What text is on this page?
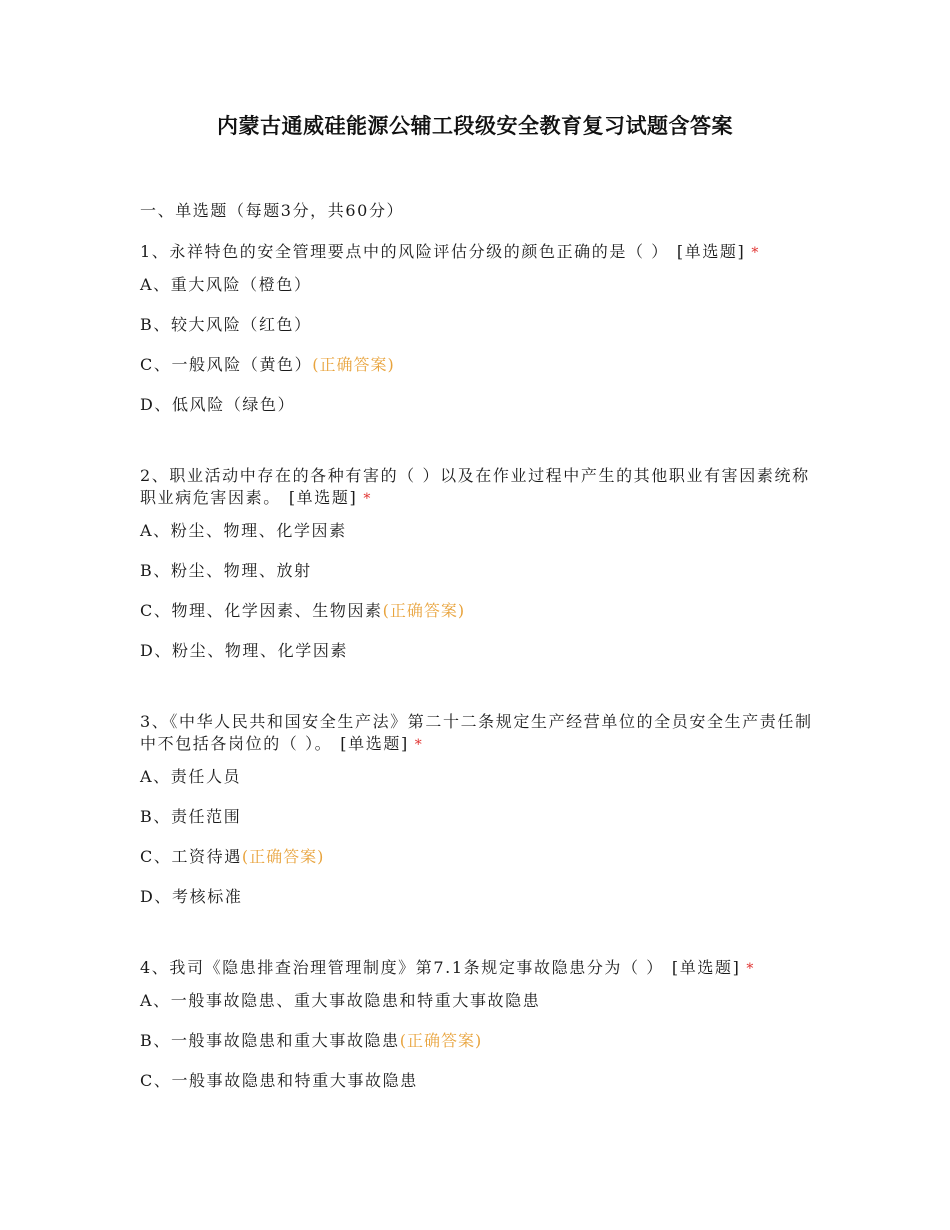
内蒙古通威硅能源公辅工段级安全教育复习试题含答案

一、单选题（每题3分，共60分）

1、永祥特色的安全管理要点中的风险评估分级的颜色正确的是（ ） [单选题] *

A、重大风险（橙色）
B、较大风险（红色）
C、一般风险（黄色）(正确答案)
D、低风险（绿色）

2、职业活动中存在的各种有害的（ ）以及在作业过程中产生的其他职业有害因素统称职业病危害因素。 [单选题] *

A、粉尘、物理、化学因素
B、粉尘、物理、放射
C、物理、化学因素、生物因素(正确答案)
D、粉尘、物理、化学因素

3、《中华人民共和国安全生产法》第二十二条规定生产经营单位的全员安全生产责任制中不包括各岗位的（ ）。 [单选题] *

A、责任人员
B、责任范围
C、工资待遇(正确答案)
D、考核标准

4、我司《隐患排查治理管理制度》第7.1条规定事故隐患分为（ ） [单选题] *

A、一般事故隐患、重大事故隐患和特重大事故隐患
B、一般事故隐患和重大事故隐患(正确答案)
C、一般事故隐患和特重大事故隐患
